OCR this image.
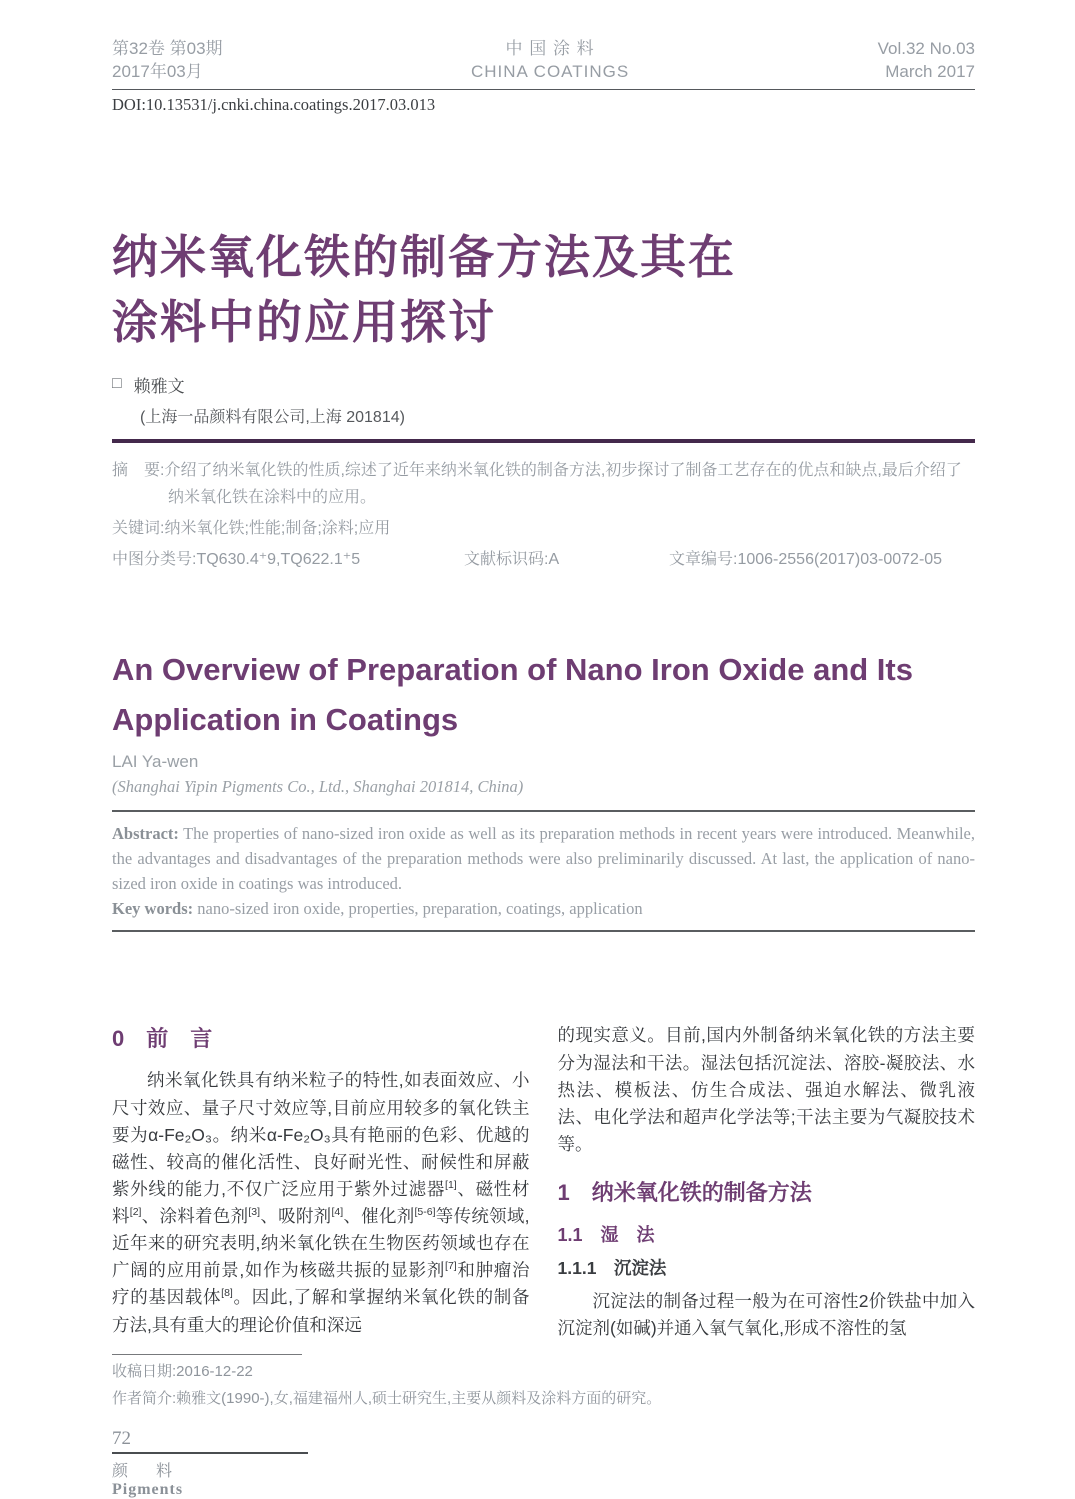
第32卷 第03期
2017年03月
中 国 涂 料
CHINA COATINGS
Vol.32 No.03
March 2017
DOI:10.13531/j.cnki.china.coatings.2017.03.013
纳米氧化铁的制备方法及其在
涂料中的应用探讨
□ 赖雅文
(上海一品颜料有限公司,上海 201814)

摘　要:介绍了纳米氧化铁的性质,综述了近年来纳米氧化铁的制备方法,初步探讨了制备工艺存在的优点和缺点,最后介绍了纳米氧化铁在涂料中的应用。

关键词:纳米氧化铁;性能;制备;涂料;应用

中图分类号:TQ630.4⁺9,TQ622.1⁺5	文献标识码:A	文章编号:1006-2556(2017)03-0072-05
An Overview of Preparation of Nano Iron Oxide and Its
Application in Coatings
LAI Ya-wen
(Shanghai Yipin Pigments Co., Ltd., Shanghai 201814, China)

Abstract: The properties of nano-sized iron oxide as well as its preparation methods in recent years were introduced. Meanwhile, the advantages and disadvantages of the preparation methods were also preliminarily discussed. At last, the application of nano-sized iron oxide in coatings was introduced.

Key words: nano-sized iron oxide, properties, preparation, coatings, application

0　前　言

纳米氧化铁具有纳米粒子的特性,如表面效应、小尺寸效应、量子尺寸效应等,目前应用较多的氧化铁主要为α-Fe₂O₃。纳米α-Fe₂O₃具有艳丽的色彩、优越的磁性、较高的催化活性、良好耐光性、耐候性和屏蔽紫外线的能力,不仅广泛应用于紫外过滤器[1]、磁性材料[2]、涂料着色剂[3]、吸附剂[4]、催化剂[5-6]等传统领域,近年来的研究表明,纳米氧化铁在生物医药领域也存在广阔的应用前景,如作为核磁共振的显影剂[7]和肿瘤治疗的基因载体[8]。因此,了解和掌握纳米氧化铁的制备方法,具有重大的理论价值和深远

的现实意义。目前,国内外制备纳米氧化铁的方法主要分为湿法和干法。湿法包括沉淀法、溶胶-凝胶法、水热法、模板法、仿生合成法、强迫水解法、微乳液法、电化学法和超声化学法等;干法主要为气凝胶技术等。

1　纳米氧化铁的制备方法
1.1　湿　法
1.1.1　沉淀法

沉淀法的制备过程一般为在可溶性2价铁盐中加入沉淀剂(如碱)并通入氧气氧化,形成不溶性的氢

收稿日期:2016-12-22
作者简介:赖雅文(1990-),女,福建福州人,硕士研究生,主要从颜料及涂料方面的研究。
72
颜　料
Pigments
